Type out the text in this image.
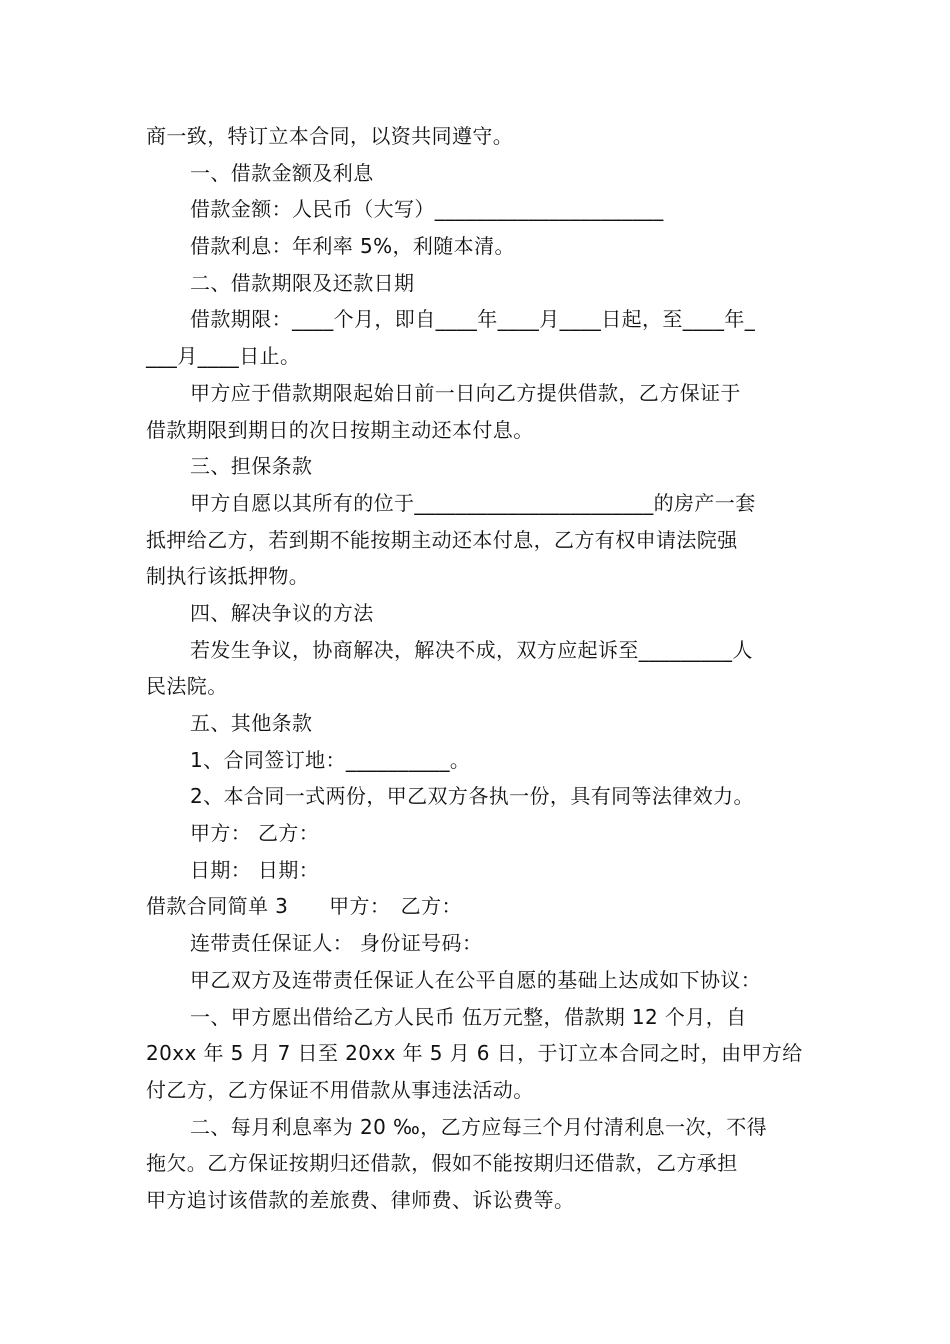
商一致，特订立本合同，以资共同遵守。
一、借款金额及利息
借款金额：人民币（大写）______________________
借款利息：年利率 5%，利随本清。
二、借款期限及还款日期
借款期限：____个月，即自____年____月____日起，至____年_
___月____日止。
甲方应于借款期限起始日前一日向乙方提供借款，乙方保证于
借款期限到期日的次日按期主动还本付息。
三、担保条款
甲方自愿以其所有的位于_______________________的房产一套
抵押给乙方，若到期不能按期主动还本付息，乙方有权申请法院强
制执行该抵押物。
四、解决争议的方法
若发生争议，协商解决，解决不成，双方应起诉至_________人
民法院。
五、其他条款
1、合同签订地：__________。
2、本合同一式两份，甲乙双方各执一份，具有同等法律效力。
甲方： 乙方：
日期： 日期：
借款合同简单 3　　甲方：　乙方：
连带责任保证人： 身份证号码：
甲乙双方及连带责任保证人在公平自愿的基础上达成如下协议：
一、甲方愿出借给乙方人民币 伍万元整，借款期 12 个月，自
20xx 年 5 月 7 日至 20xx 年 5 月 6 日，于订立本合同之时，由甲方给
付乙方，乙方保证不用借款从事违法活动。
二、每月利息率为 20 ‰，乙方应每三个月付清利息一次，不得
拖欠。乙方保证按期归还借款，假如不能按期归还借款，乙方承担
甲方追讨该借款的差旅费、律师费、诉讼费等。
